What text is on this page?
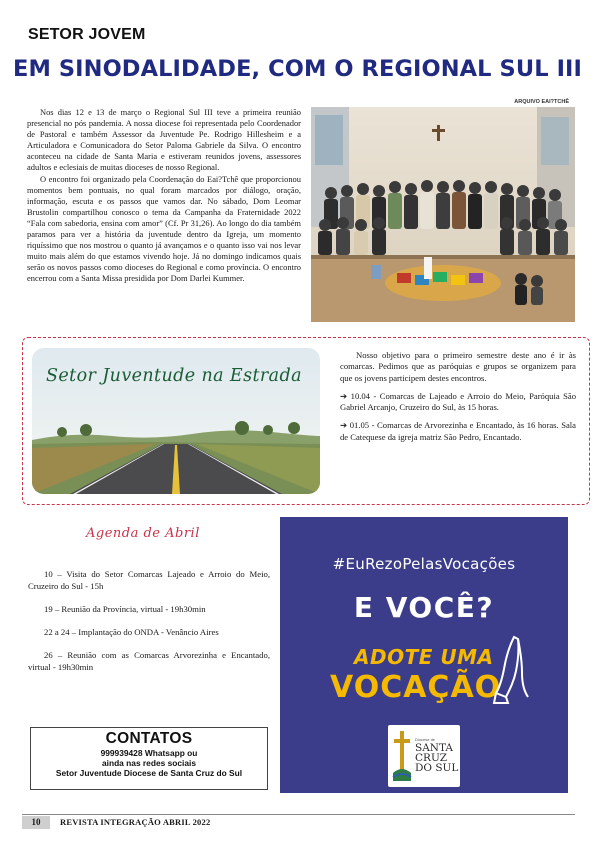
SETOR JOVEM
EM SINODALIDADE, COM O REGIONAL SUL III

Nos dias 12 e 13 de março o Regional Sul III teve a primeira reunião presencial no pós pandemia. A nossa diocese foi representada pelo Coordenador de Pastoral e também Assessor da Juventude Pe. Rodrigo Hillesheim e a Articuladora e Comunicadora do Setor Paloma Gabriele da Silva. O encontro aconteceu na cidade de Santa Maria e estiveram reunidos jovens, assessores adultos e eclesiais de muitas dioceses de nosso Regional.

O encontro foi organizado pela Coordenação do Eai?Tchê que proporcionou momentos bem pontuais, no qual foram marcados por diálogo, oração, informação, escuta e os passos que vamos dar. No sábado, Dom Leomar Brustolin compartilhou conosco o tema da Campanha da Fraternidade 2022 “Fala com sabedoria, ensina com amor” (Cf. Pr 31,26). Ao longo do dia também paramos para ver a história da juventude dentro da Igreja, um momento riquíssimo que nos mostrou o quanto já avançamos e o quanto isso vai nos levar muito mais além do que estamos vivendo hoje. Já no domingo indicamos quais serão os novos passos como dioceses do Regional e como província. O encontro encerrou com a Santa Missa presidida por Dom Darlei Kummer.

ARQUIVO EAI?TCHÊ
Setor Juventude na Estrada

Nosso objetivo para o primeiro semestre deste ano é ir às comarcas. Pedimos que as paróquias e grupos se organizem para que os jovens participem destes encontros.

➔ 10.04 - Comarcas de Lajeado e Arroio do Meio, Paróquia São Gabriel Arcanjo, Cruzeiro do Sul, às 15 horas.

➔ 01.05 - Comarcas de Arvorezinha e Encantado, às 16 horas. Sala de Catequese da igreja matriz São Pedro, Encantado.

Agenda de Abril

10 – Visita do Setor Comarcas Lajeado e Arroio do Meio, Cruzeiro do Sul - 15h

19 – Reunião da Província, virtual - 19h30min

22 a 24 – Implantação do ONDA - Venâncio Aires

26 – Reunião com as Comarcas Arvorezinha e Encantado, virtual - 19h30min

CONTATOS
999939428 Whatsapp ou
ainda nas redes sociais
Setor Juventude Diocese de Santa Cruz do Sul
#EuRezoPelasVocações
E VOCÊ?
ADOTE UMA
VOCAÇÃO
Diocese de
SANTA CRUZ DO SUL
10	REVISTA INTEGRAÇÃO ABRIL 2022
